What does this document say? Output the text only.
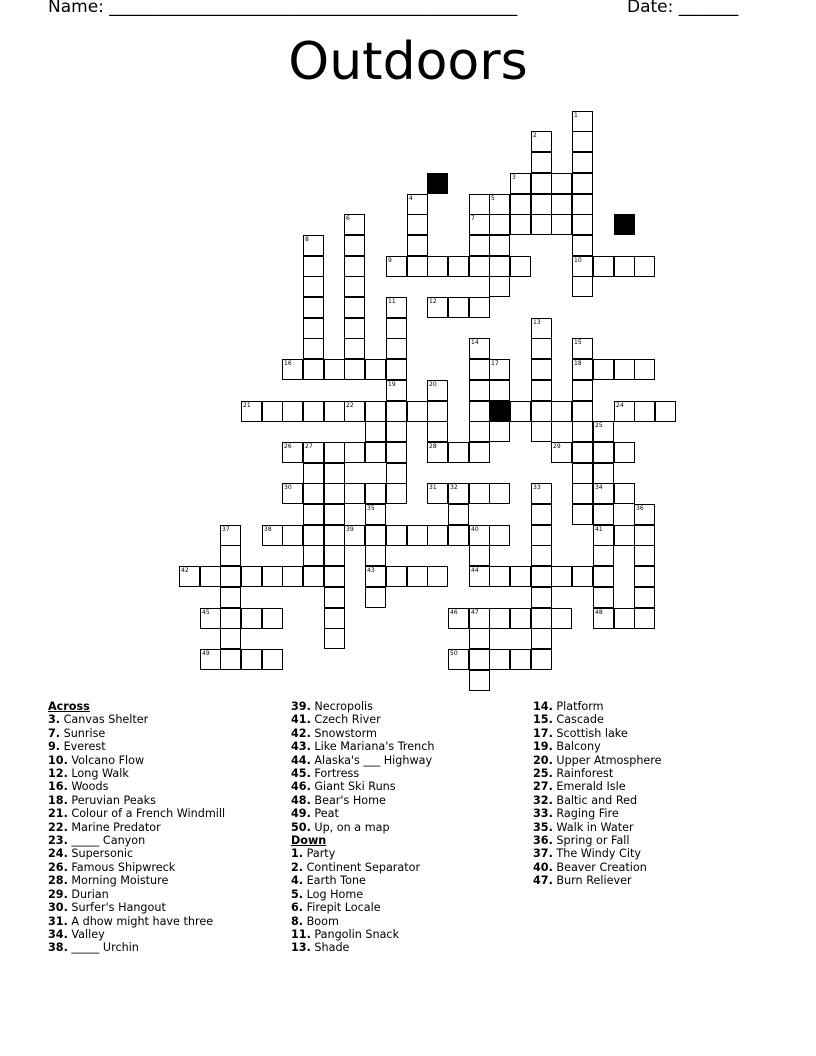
Name: ________________________________________________	Date: _______
Outdoors
1
10
2
3
7
4
6
8
11
13
14	15
18
17
23
19	20
35
43
32	33
25
34
41
36
37	40
44
47
5
9
12
16
21	22	24
26 27	28	29
30	31
38	39
42
45	46	48
49	50
Across
3. Canvas Shelter
7. Sunrise
9. Everest
10. Volcano Flow
12. Long Walk
16. Woods
18. Peruvian Peaks
21. Colour of a French Windmill
22. Marine Predator
23. _____ Canyon
24. Supersonic
26. Famous Shipwreck
28. Morning Moisture
29. Durian
30. Surfer's Hangout
31. A dhow might have three
34. Valley
38. _____ Urchin
39. Necropolis
41. Czech River
42. Snowstorm
43. Like Mariana's Trench
44. Alaska's ___ Highway
45. Fortress
46. Giant Ski Runs
48. Bear's Home
49. Peat
50. Up, on a map
Down
1. Party
2. Continent Separator
4. Earth Tone
5. Log Home
6. Firepit Locale
8. Boom
11. Pangolin Snack
13. Shade
14. Platform
15. Cascade
17. Scottish lake
19. Balcony
20. Upper Atmosphere
25. Rainforest
27. Emerald Isle
32. Baltic and Red
33. Raging Fire
35. Walk in Water
36. Spring or Fall
37. The Windy City
40. Beaver Creation
47. Burn Reliever
